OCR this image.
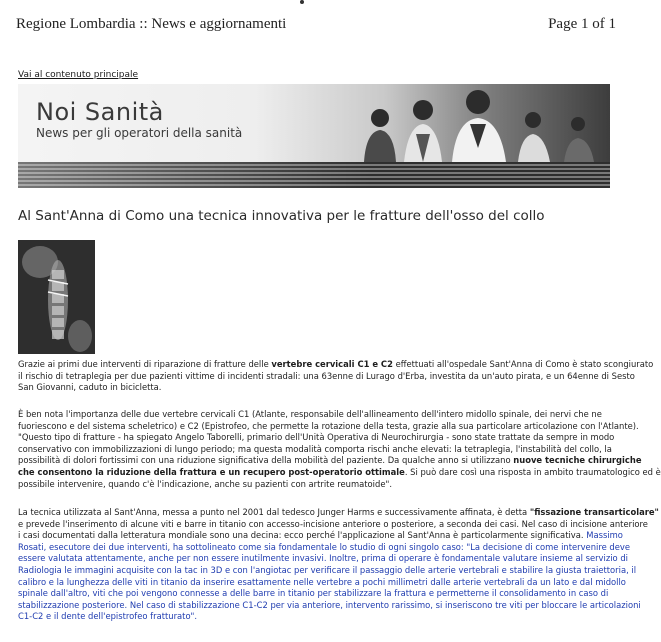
Regione Lombardia :: News e aggiornamenti	Page 1 of 1
Vai al contenuto principale
Noi Sanità
News per gli operatori della sanità
Al Sant'Anna di Como una tecnica innovativa per le fratture dell'osso del collo
Grazie ai primi due interventi di riparazione di fratture delle vertebre cervicali C1 e C2 effettuati all'ospedale Sant'Anna di Como è stato scongiurato
il rischio di tetraplegia per due pazienti vittime di incidenti stradali: una 63enne di Lurago d'Erba, investita da un'auto pirata, e un 64enne di Sesto
San Giovanni, caduto in bicicletta.
È ben nota l'importanza delle due vertebre cervicali C1 (Atlante, responsabile dell'allineamento dell'intero midollo spinale, dei nervi che ne
fuoriescono e del sistema scheletrico) e C2 (Epistrofeo, che permette la rotazione della testa, grazie alla sua particolare articolazione con l'Atlante).
"Questo tipo di fratture - ha spiegato Angelo Taborelli, primario dell'Unità Operativa di Neurochirurgia - sono state trattate da sempre in modo
conservativo con immobilizzazioni di lungo periodo; ma questa modalità comporta rischi anche elevati: la tetraplegia, l'instabilità del collo, la
possibilità di dolori fortissimi con una riduzione significativa della mobilità del paziente. Da qualche anno si utilizzano nuove tecniche chirurgiche
che consentono la riduzione della frattura e un recupero post-operatorio ottimale. Si può dare così una risposta in ambito traumatologico ed è
possibile intervenire, quando c'è l'indicazione, anche su pazienti con artrite reumatoide".
La tecnica utilizzata al Sant'Anna, messa a punto nel 2001 dal tedesco Junger Harms e successivamente affinata, è detta "fissazione transarticolare"
e prevede l'inserimento di alcune viti e barre in titanio con accesso-incisione anteriore o posteriore, a seconda dei casi. Nel caso di incisione anteriore
i casi documentati dalla letteratura mondiale sono una decina: ecco perché l'applicazione al Sant'Anna è particolarmente significativa. Massimo
Rosati, esecutore dei due interventi, ha sottolineato come sia fondamentale lo studio di ogni singolo caso: "La decisione di come intervenire deve
essere valutata attentamente, anche per non essere inutilmente invasivi. Inoltre, prima di operare è fondamentale valutare insieme al servizio di
Radiologia le immagini acquisite con la tac in 3D e con l'angiotac per verificare il passaggio delle arterie vertebrali e stabilire la giusta traiettoria, il
calibro e la lunghezza delle viti in titanio da inserire esattamente nelle vertebre a pochi millimetri dalle arterie vertebrali da un lato e dal midollo
spinale dall'altro, viti che poi vengono connesse a delle barre in titanio per stabilizzare la frattura e permetterne il consolidamento in caso di
stabilizzazione posteriore. Nel caso di stabilizzazione C1-C2 per via anteriore, intervento rarissimo, si inseriscono tre viti per bloccare le articolazioni
C1-C2 e il dente dell'epistrofeo fratturato".
